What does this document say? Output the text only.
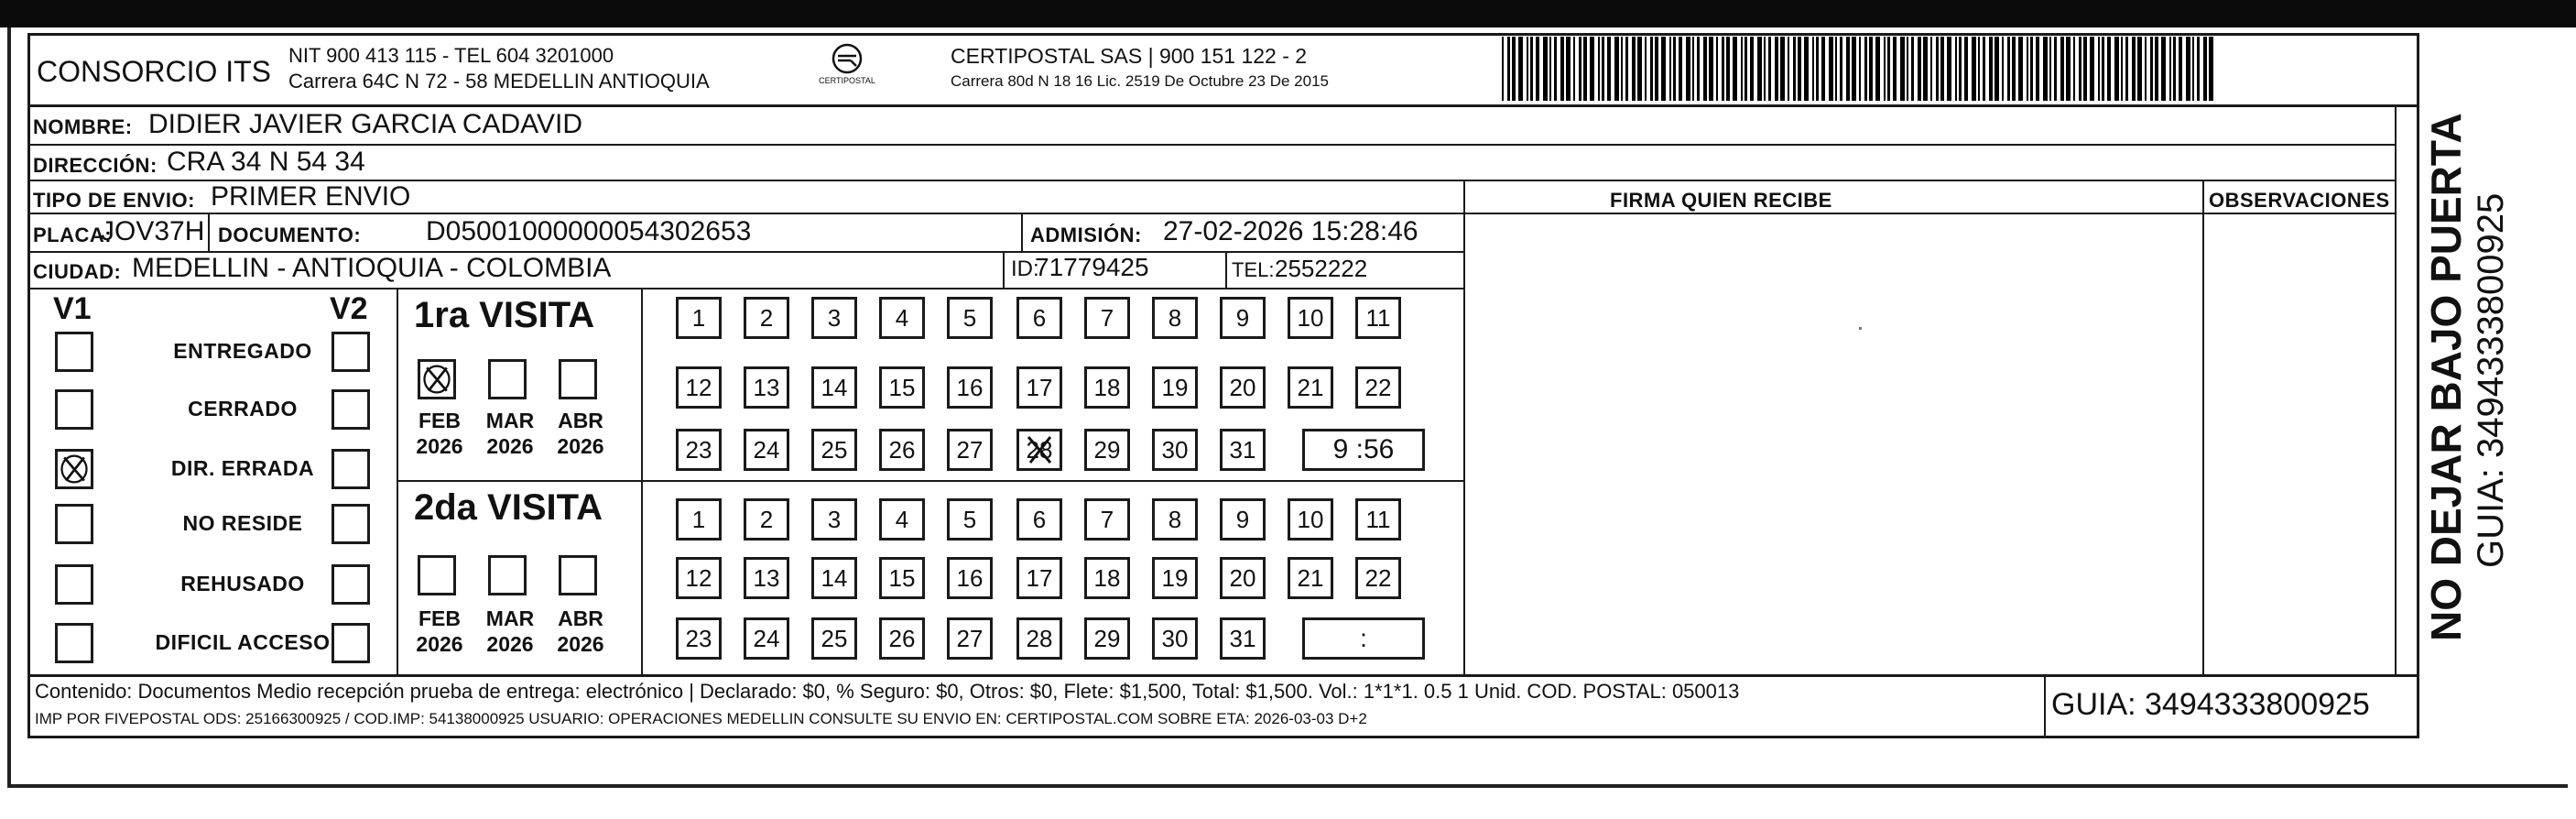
CONSORCIO ITS NIT 900 413 115 - TEL 604 3201000
Carrera 64C N 72 - 58 MEDELLIN ANTIOQUIA	CERTIPOSTAL
CERTIPOSTAL SAS | 900 151 122 - 2
Carrera 80d N 18 16 Lic. 2519 De Octubre 23 De 2015
NOMBRE: DIDIER JAVIER GARCIA CADAVID
DIRECCIÓN: CRA 34 N 54 34
TIPO DE ENVIO: PRIMER ENVIO	FIRMA QUIEN RECIBE	OBSERVACIONES
PLACA:
JOV37H DOCUMENTO: D05001000000054302653	ADMISIÓN: 27-02-2026 15:28:46
CIUDAD: MEDELLIN - ANTIOQUIA - COLOMBIA	ID:
71779425	TEL: 2552222
V1	V2
ENTREGADO
CERRADO
DIR. ERRADA
NO RESIDE
REHUSADO
DIFICIL ACCESO
1ra VISITA
2da VISITA
FEB
2026
MAR
2026
ABR
2026
FEB
2026
MAR
2026
ABR
2026
1	2	3	4	5	6	7	8	9	10	11
12	13	14	15	16	17	18	19	20	21	22
23	24	25	26	27	28	29	30	31	9 :56
1	2	3	4	5	6	7	8	9	10	11
12	13	14	15	16	17	18	19	20	21	22
23	24	25	26	27	28	29	30	31	:
Contenido: Documentos Medio recepción prueba de entrega: electrónico | Declarado: $0, % Seguro: $0, Otros: $0, Flete: $1,500, Total: $1,500. Vol.: 1*1*1. 0.5 1 Unid. COD. POSTAL: 050013
IMP POR FIVEPOSTAL ODS: 25166300925 / COD.IMP: 54138000925 USUARIO: OPERACIONES MEDELLIN CONSULTE SU ENVIO EN: CERTIPOSTAL.COM SOBRE ETA: 2026-03-03 D+2	GUIA: 3494333800925
NO DEJAR BAJO PUERTA GUIA: 3494333800925
